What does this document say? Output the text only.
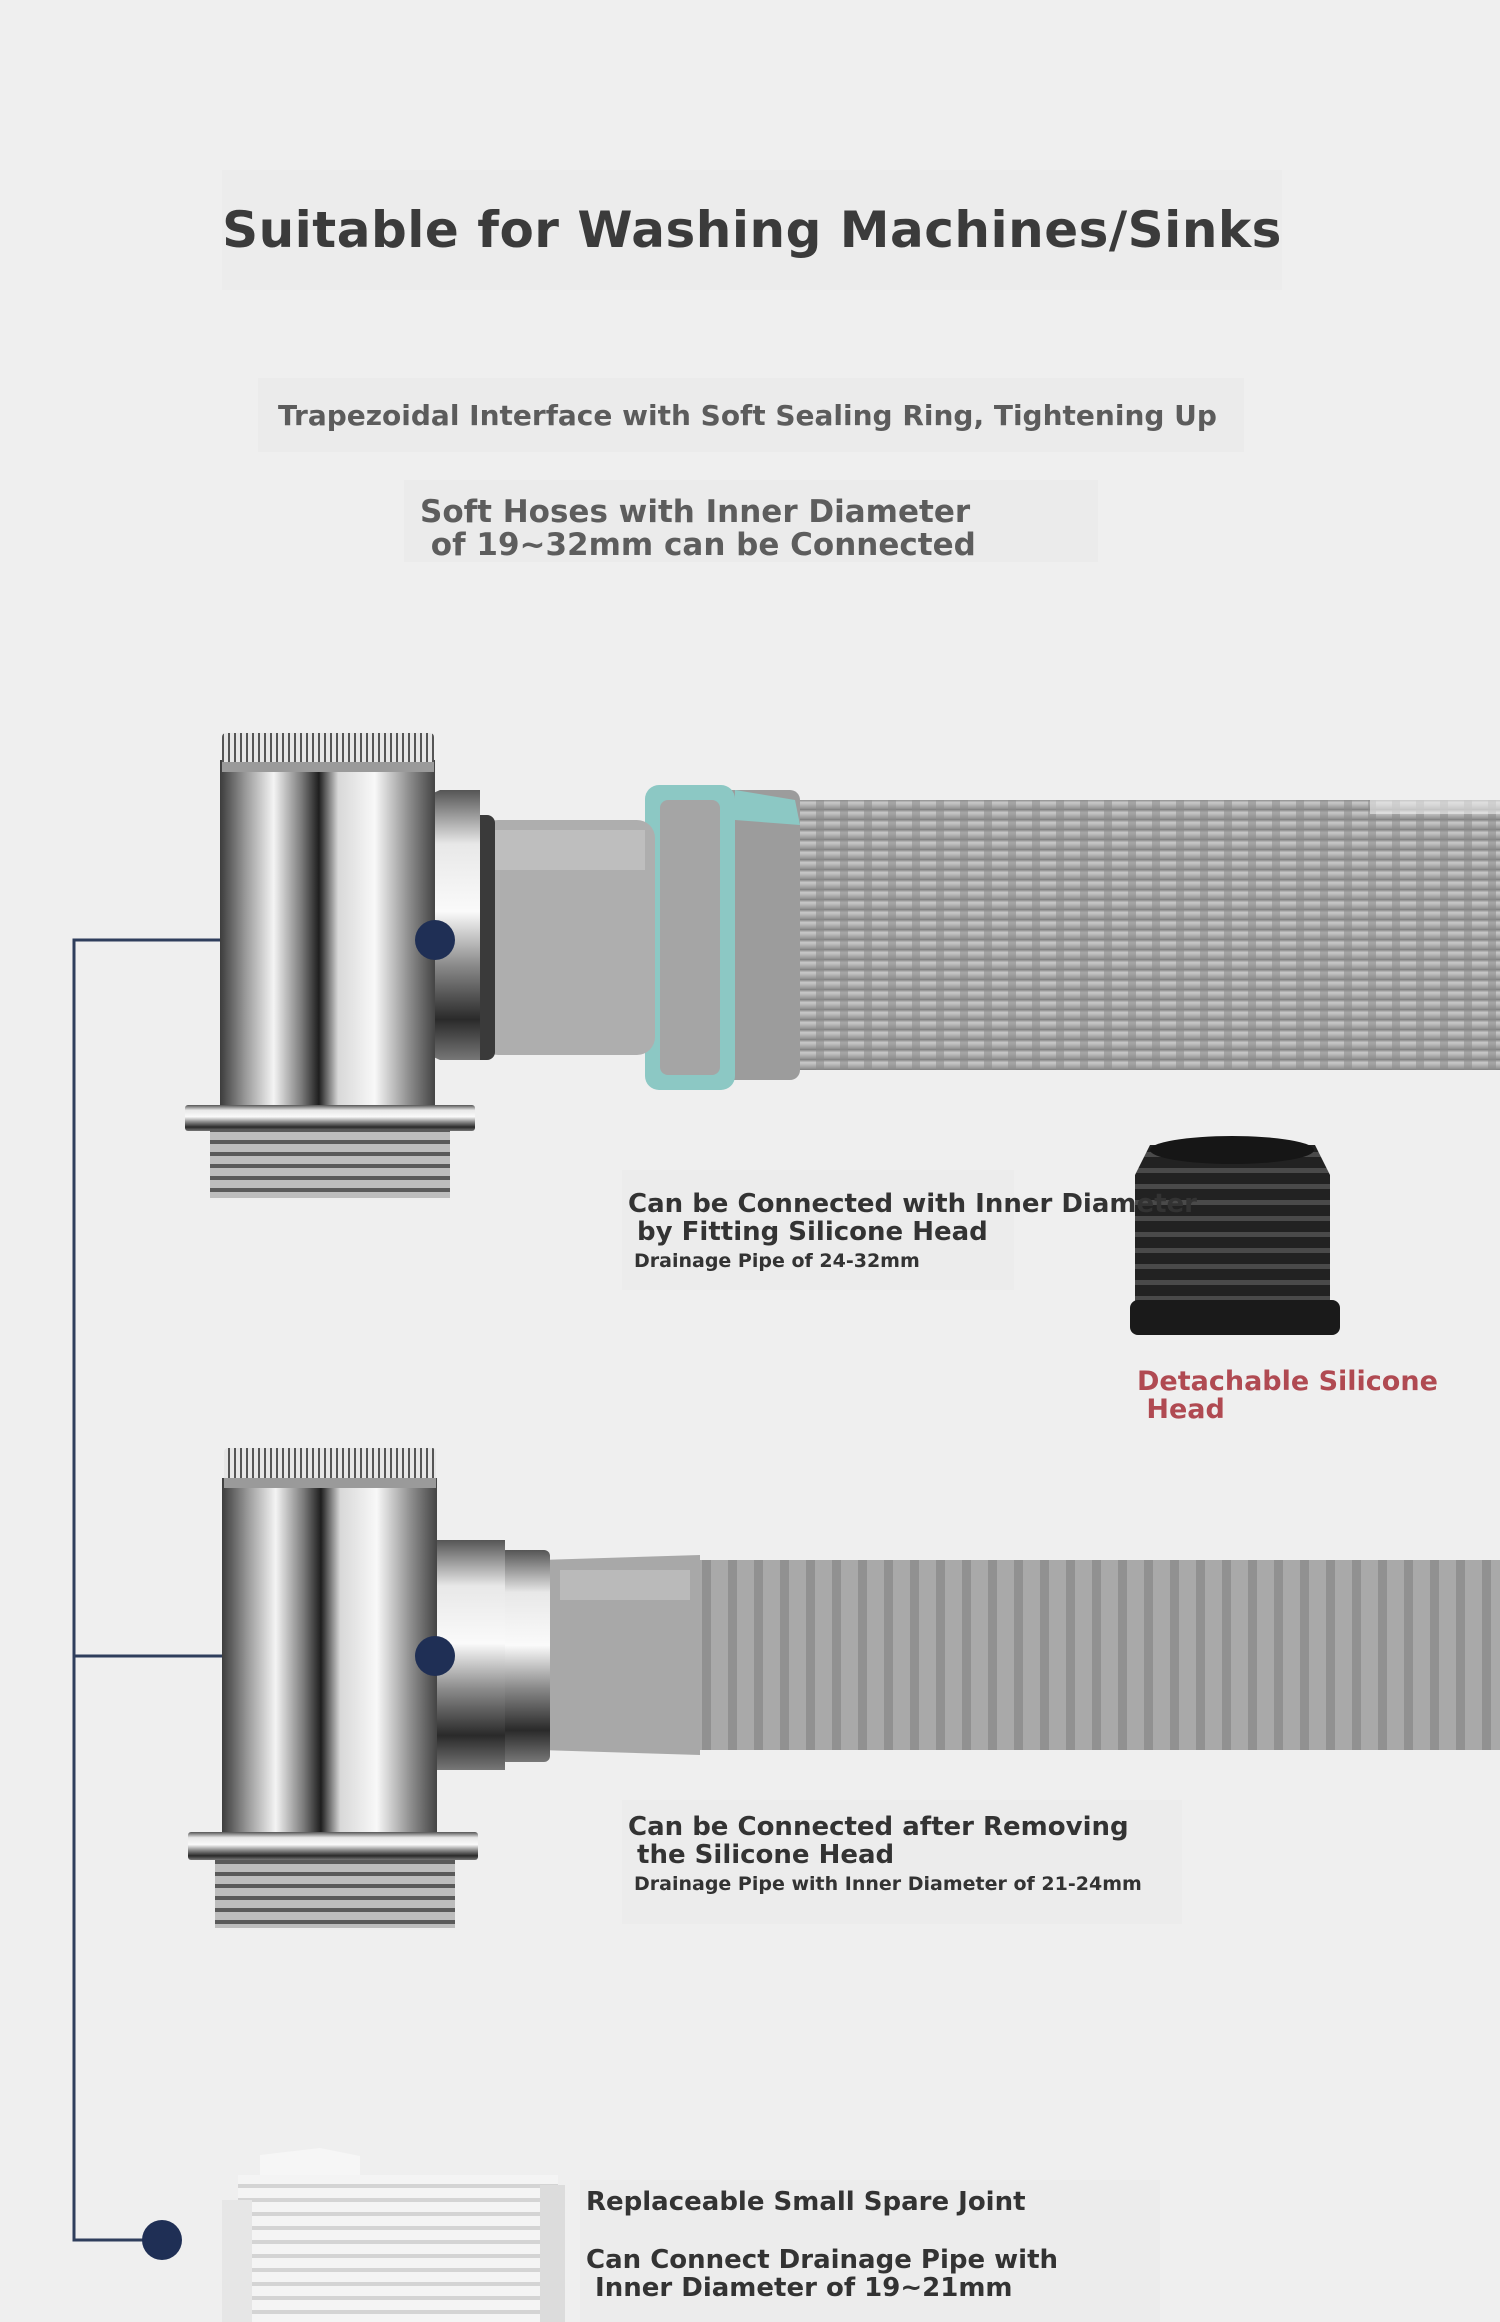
Suitable for Washing Machines/Sinks
Trapezoidal Interface with Soft Sealing Ring, Tightening Up
Soft Hoses with Inner Diameter
of 19~32mm can be Connected
Can be Connected with Inner Diameter
by Fitting Silicone Head
Drainage Pipe of 24-32mm
Detachable Silicone
Head
Can be Connected after Removing
the Silicone Head
Drainage Pipe with Inner Diameter of 21-24mm
Replaceable Small Spare Joint
Can Connect Drainage Pipe with
Inner Diameter of 19~21mm
